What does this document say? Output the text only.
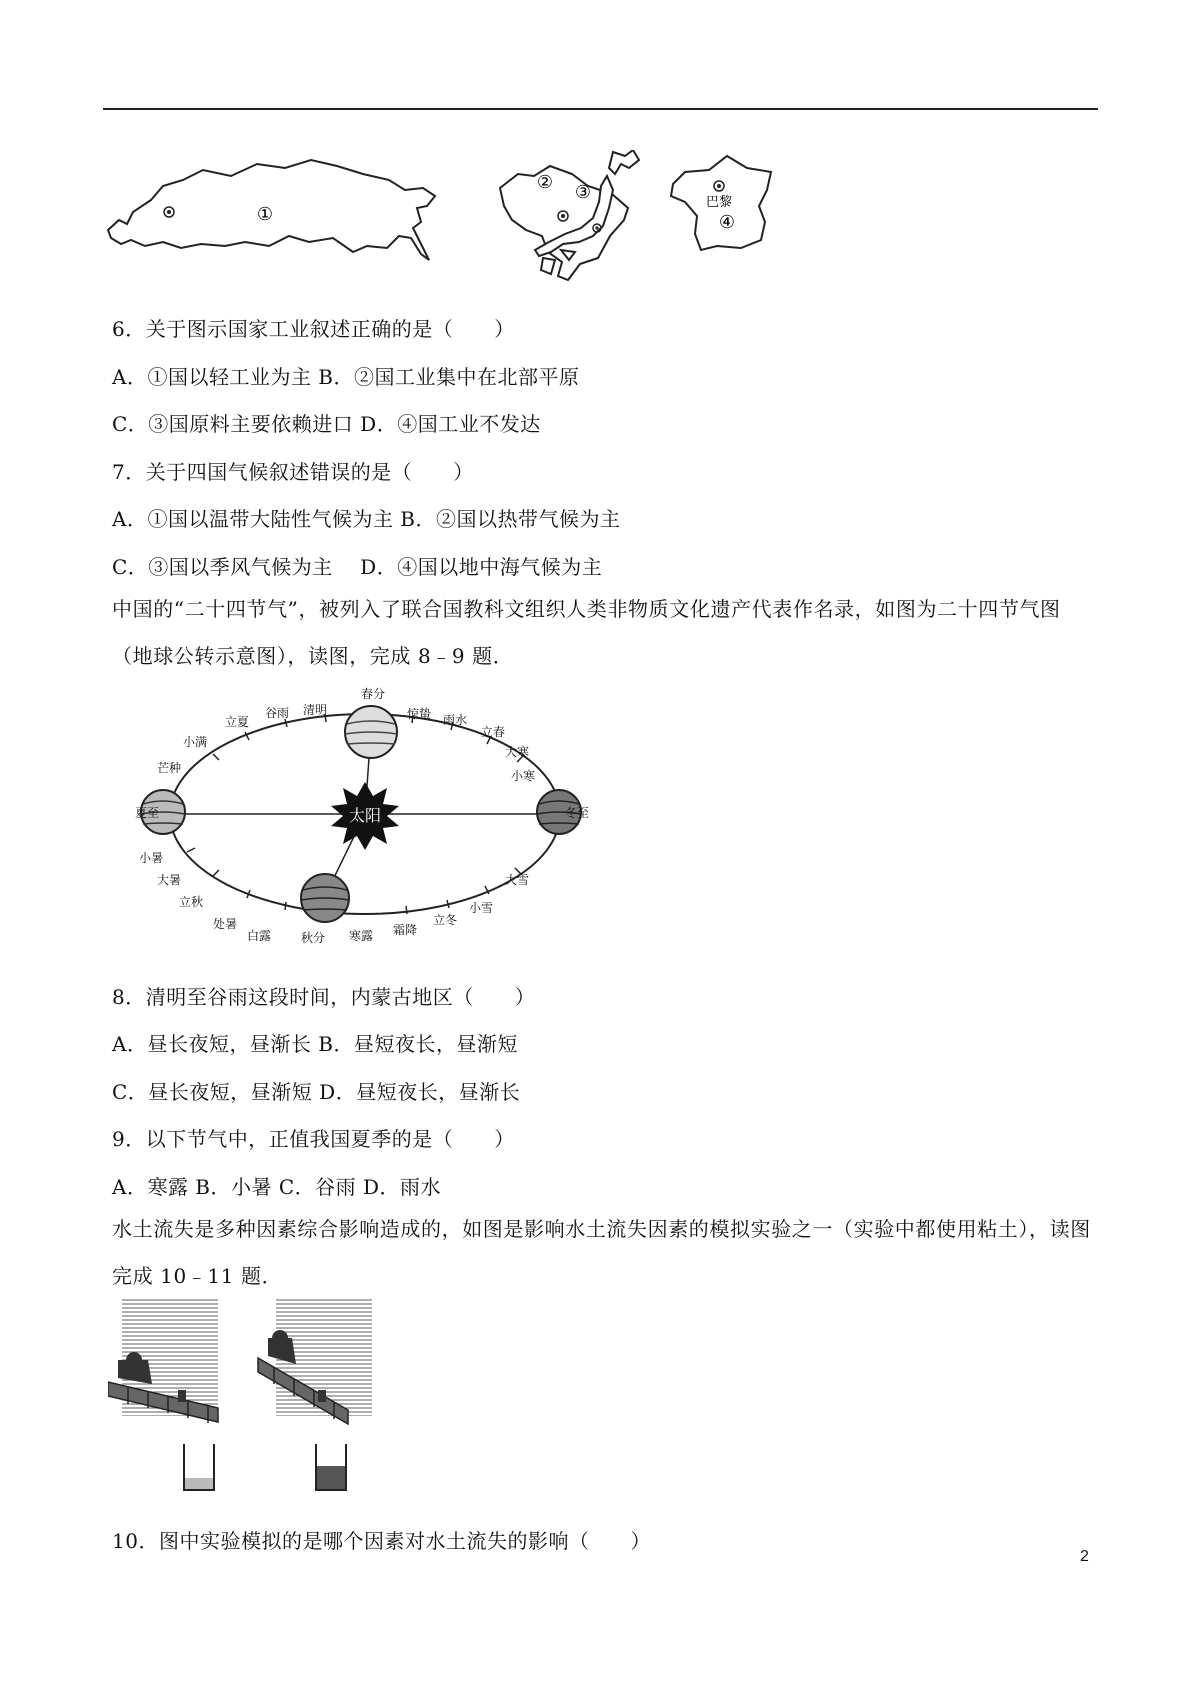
①
② ③	巴黎
④
6．关于图示国家工业叙述正确的是（　　）
A．①国以轻工业为主 B．②国工业集中在北部平原
C．③国原料主要依赖进口 D．④国工业不发达
7．关于四国气候叙述错误的是（　　）
A．①国以温带大陆性气候为主 B．②国以热带气候为主
C．③国以季风气候为主　 D．④国以地中海气候为主
中国的“二十四节气”，被列入了联合国教科文组织人类非物质文化遗产代表作名录，如图为二十四节气图（地球公转示意图），读图，完成 8﹣9 题．
太阳
春分
夏至	冬至
秋分
惊蛰 雨水
立春
大寒
小寒
清明
谷雨
立夏
小满
芒种
小暑
大暑
立秋
处暑
白露	寒露 霜降
立冬
小雪
大雪
8．清明至谷雨这段时间，内蒙古地区（　　）
A．昼长夜短，昼渐长 B．昼短夜长，昼渐短
C．昼长夜短，昼渐短 D．昼短夜长，昼渐长
9．以下节气中，正值我国夏季的是（　　）
A．寒露 B．小暑 C．谷雨 D．雨水
水土流失是多种因素综合影响造成的，如图是影响水土流失因素的模拟实验之一（实验中都使用粘土），读图完成 10﹣11 题．
10．图中实验模拟的是哪个因素对水土流失的影响（　　）
2
